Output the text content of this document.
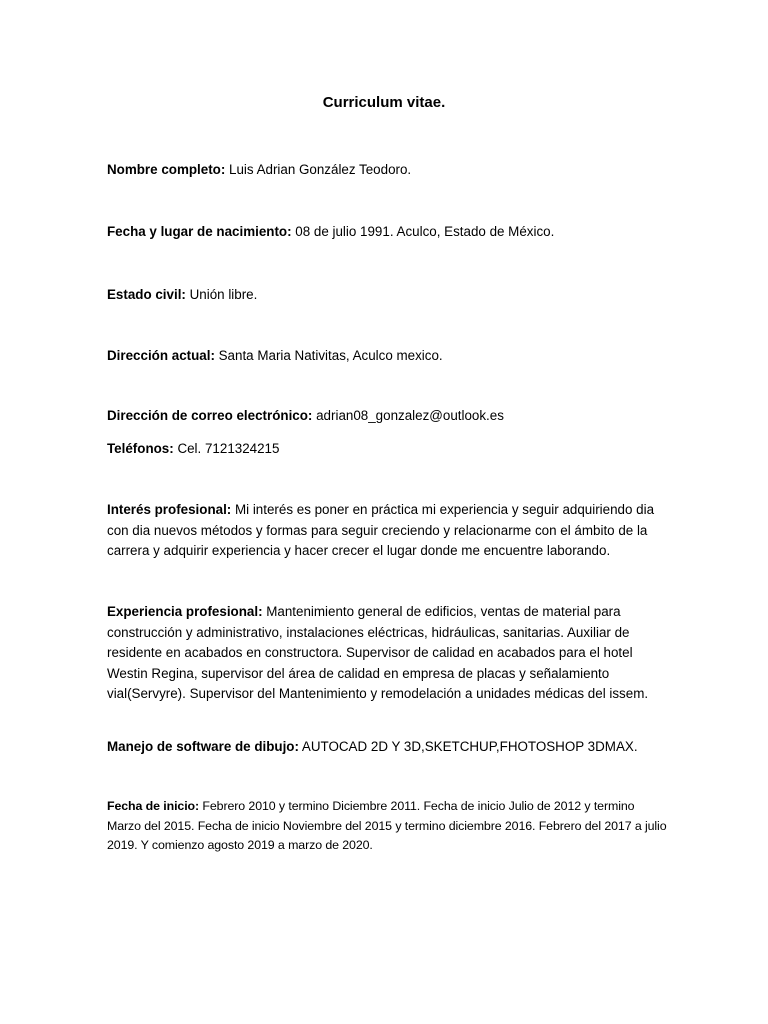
Curriculum vitae.

Nombre completo: Luis Adrian González Teodoro.

Fecha y lugar de nacimiento: 08 de julio 1991. Aculco, Estado de México.

Estado civil: Unión libre.

Dirección actual: Santa Maria Nativitas, Aculco mexico.

Dirección de correo electrónico: adrian08_gonzalez@outlook.es

Teléfonos: Cel. 7121324215

Interés profesional: Mi interés es poner en práctica mi experiencia y seguir adquiriendo dia con dia nuevos métodos y formas para seguir creciendo y relacionarme con el ámbito de la carrera y adquirir experiencia y hacer crecer el lugar donde me encuentre laborando.

Experiencia profesional: Mantenimiento general de edificios, ventas de material para construcción y administrativo, instalaciones eléctricas, hidráulicas, sanitarias. Auxiliar de residente en acabados en constructora. Supervisor de calidad en acabados para el hotel Westin Regina, supervisor del área de calidad en empresa de placas y señalamiento vial(Servyre). Supervisor del Mantenimiento y remodelación a unidades médicas del issem.

Manejo de software de dibujo: AUTOCAD 2D Y 3D,SKETCHUP,FHOTOSHOP 3DMAX.

Fecha de inicio: Febrero 2010 y termino Diciembre 2011. Fecha de inicio Julio de 2012 y termino Marzo del 2015. Fecha de inicio Noviembre del 2015 y termino diciembre 2016. Febrero del 2017 a julio 2019. Y comienzo agosto 2019 a marzo de 2020.
